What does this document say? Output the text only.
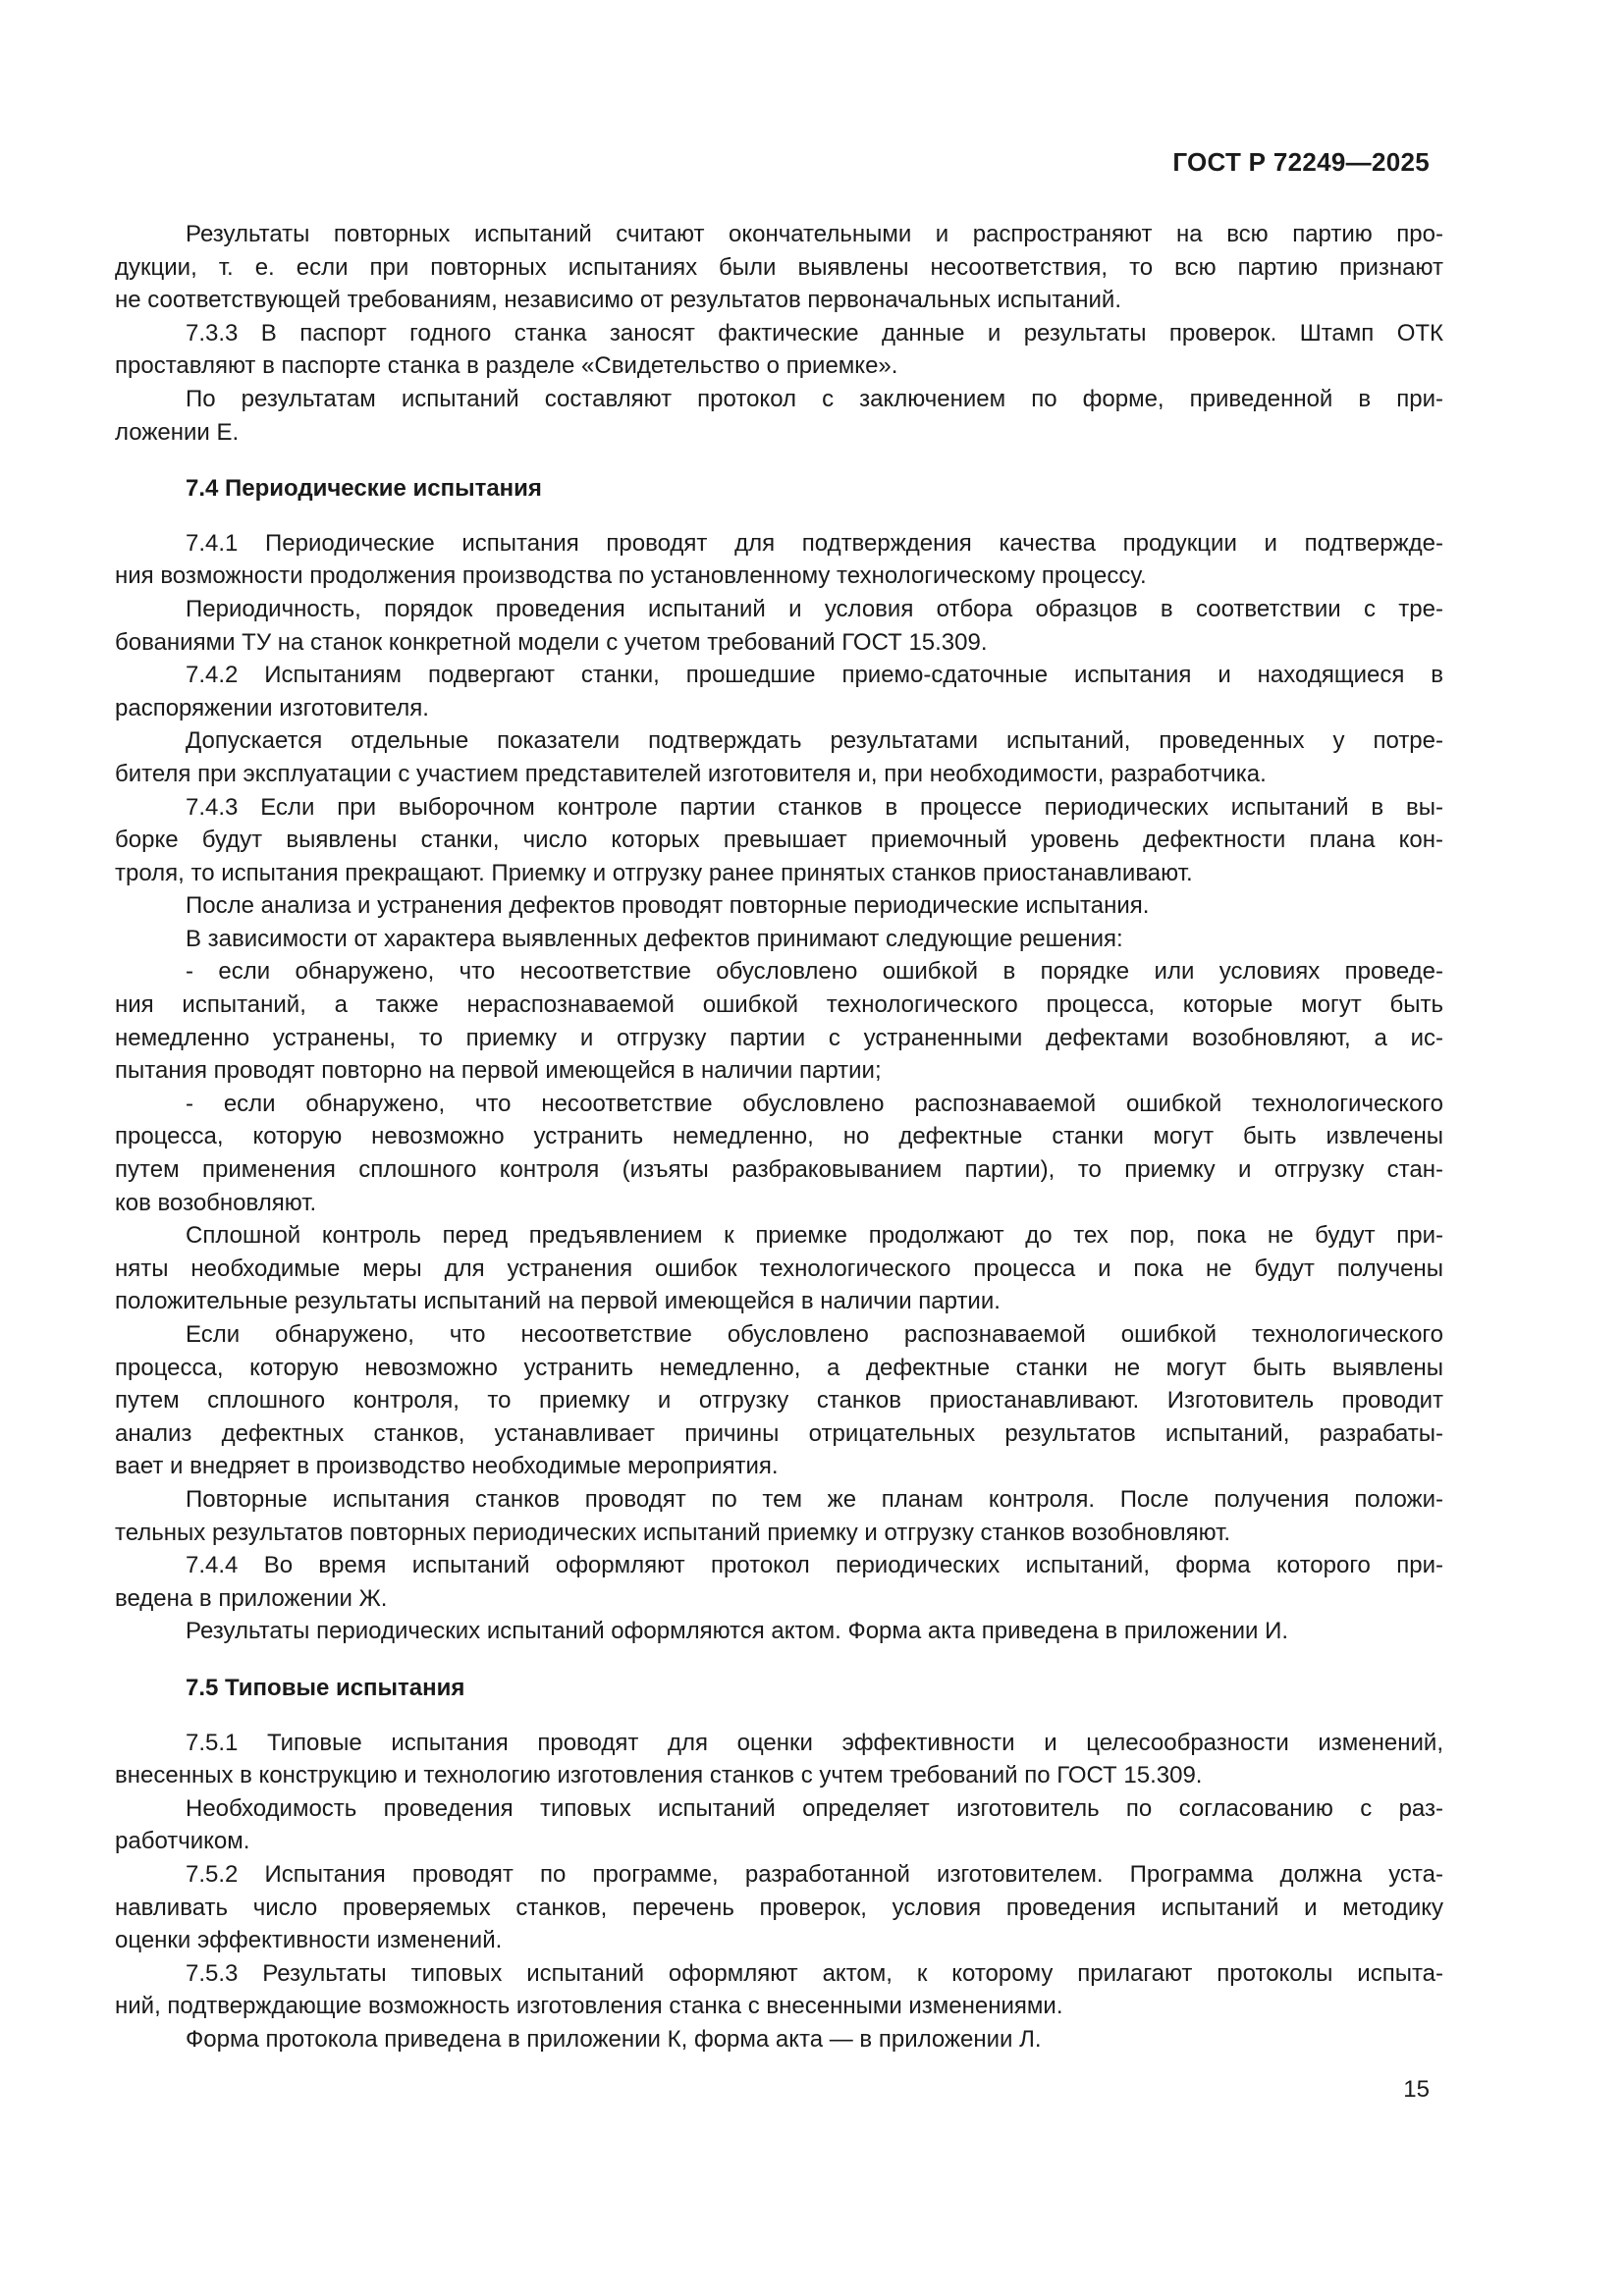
ГОСТ Р 72249—2025
Результаты повторных испытаний считают окончательными и распространяют на всю партию про-
дукции, т. е. если при повторных испытаниях были выявлены несоответствия, то всю партию признают
не соответствующей требованиям, независимо от результатов первоначальных испытаний.
7.3.3 В паспорт годного станка заносят фактические данные и результаты проверок. Штамп ОТК
проставляют в паспорте станка в разделе «Свидетельство о приемке».
По результатам испытаний составляют протокол с заключением по форме, приведенной в при-
ложении Е.
7.4 Периодические испытания
7.4.1 Периодические испытания проводят для подтверждения качества продукции и подтвержде-
ния возможности продолжения производства по установленному технологическому процессу.
Периодичность, порядок проведения испытаний и условия отбора образцов в соответствии с тре-
бованиями ТУ на станок конкретной модели с учетом требований ГОСТ 15.309.
7.4.2 Испытаниям подвергают станки, прошедшие приемо-сдаточные испытания и находящиеся в
распоряжении изготовителя.
Допускается отдельные показатели подтверждать результатами испытаний, проведенных у потре-
бителя при эксплуатации с участием представителей изготовителя и, при необходимости, разработчика.
7.4.3 Если при выборочном контроле партии станков в процессе периодических испытаний в вы-
борке будут выявлены станки, число которых превышает приемочный уровень дефектности плана кон-
троля, то испытания прекращают. Приемку и отгрузку ранее принятых станков приостанавливают.
После анализа и устранения дефектов проводят повторные периодические испытания.
В зависимости от характера выявленных дефектов принимают следующие решения:
- если обнаружено, что несоответствие обусловлено ошибкой в порядке или условиях проведе-
ния испытаний, а также нераспознаваемой ошибкой технологического процесса, которые могут быть
немедленно устранены, то приемку и отгрузку партии с устраненными дефектами возобновляют, а ис-
пытания проводят повторно на первой имеющейся в наличии партии;
- если обнаружено, что несоответствие обусловлено распознаваемой ошибкой технологического
процесса, которую невозможно устранить немедленно, но дефектные станки могут быть извлечены
путем применения сплошного контроля (изъяты разбраковыванием партии), то приемку и отгрузку стан-
ков возобновляют.
Сплошной контроль перед предъявлением к приемке продолжают до тех пор, пока не будут при-
няты необходимые меры для устранения ошибок технологического процесса и пока не будут получены
положительные результаты испытаний на первой имеющейся в наличии партии.
Если обнаружено, что несоответствие обусловлено распознаваемой ошибкой технологического
процесса, которую невозможно устранить немедленно, а дефектные станки не могут быть выявлены
путем сплошного контроля, то приемку и отгрузку станков приостанавливают. Изготовитель проводит
анализ дефектных станков, устанавливает причины отрицательных результатов испытаний, разрабаты-
вает и внедряет в производство необходимые мероприятия.
Повторные испытания станков проводят по тем же планам контроля. После получения положи-
тельных результатов повторных периодических испытаний приемку и отгрузку станков возобновляют.
7.4.4 Во время испытаний оформляют протокол периодических испытаний, форма которого при-
ведена в приложении Ж.
Результаты периодических испытаний оформляются актом. Форма акта приведена в приложении И.
7.5 Типовые испытания
7.5.1 Типовые испытания проводят для оценки эффективности и целесообразности изменений,
внесенных в конструкцию и технологию изготовления станков с учтем требований по ГОСТ 15.309.
Необходимость проведения типовых испытаний определяет изготовитель по согласованию с раз-
работчиком.
7.5.2 Испытания проводят по программе, разработанной изготовителем. Программа должна уста-
навливать число проверяемых станков, перечень проверок, условия проведения испытаний и методику
оценки эффективности изменений.
7.5.3 Результаты типовых испытаний оформляют актом, к которому прилагают протоколы испыта-
ний, подтверждающие возможность изготовления станка с внесенными изменениями.
Форма протокола приведена в приложении К, форма акта — в приложении Л.
15
